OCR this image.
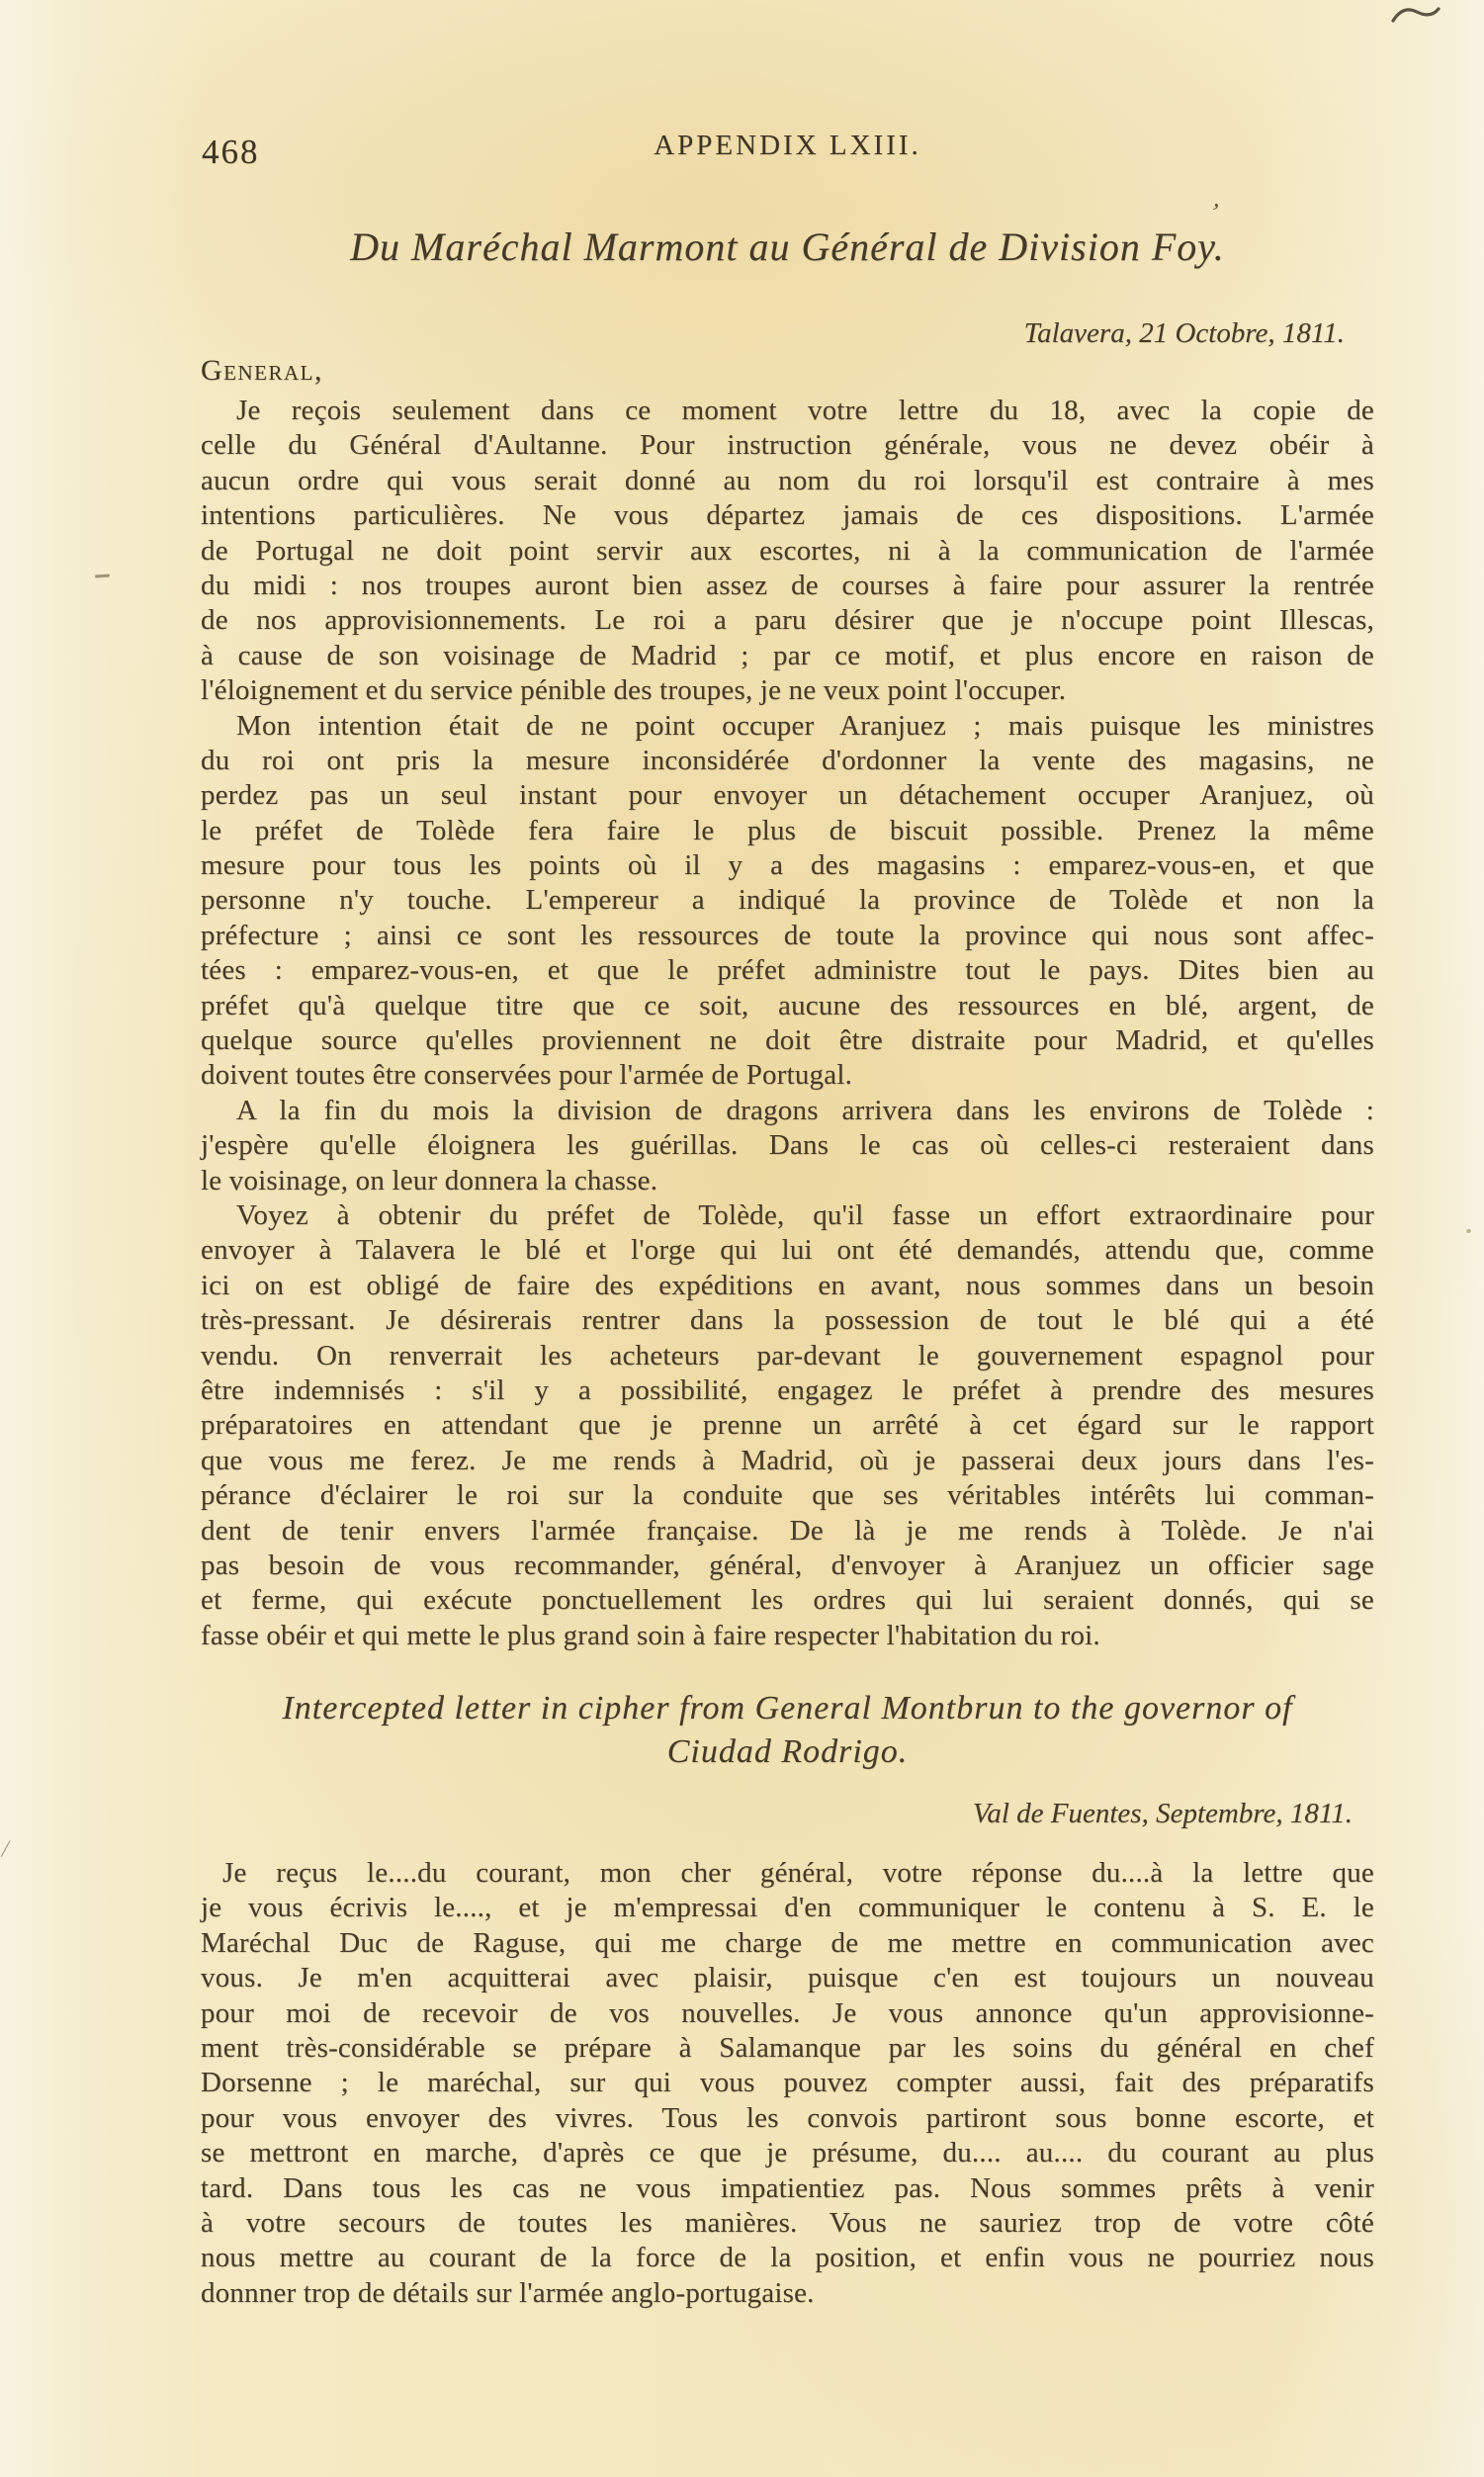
468	APPENDIX LXIII.
Du Maréchal Marmont au Général de Division Foy.
Talavera, 21 Octobre, 1811.
General,
Je reçois seulement dans ce moment votre lettre du 18, avec la copie de
celle du Général d'Aultanne. Pour instruction générale, vous ne devez obéir à
aucun ordre qui vous serait donné au nom du roi lorsqu'il est contraire à mes
intentions particulières. Ne vous départez jamais de ces dispositions. L'armée
de Portugal ne doit point servir aux escortes, ni à la communication de l'armée
du midi : nos troupes auront bien assez de courses à faire pour assurer la rentrée
de nos approvisionnements. Le roi a paru désirer que je n'occupe point Illescas,
à cause de son voisinage de Madrid ; par ce motif, et plus encore en raison de
l'éloignement et du service pénible des troupes, je ne veux point l'occuper.
Mon intention était de ne point occuper Aranjuez ; mais puisque les ministres
du roi ont pris la mesure inconsidérée d'ordonner la vente des magasins, ne
perdez pas un seul instant pour envoyer un détachement occuper Aranjuez, où
le préfet de Tolède fera faire le plus de biscuit possible. Prenez la même
mesure pour tous les points où il y a des magasins : emparez-vous-en, et que
personne n'y touche. L'empereur a indiqué la province de Tolède et non la
préfecture ; ainsi ce sont les ressources de toute la province qui nous sont affec-
tées : emparez-vous-en, et que le préfet administre tout le pays. Dites bien au
préfet qu'à quelque titre que ce soit, aucune des ressources en blé, argent, de
quelque source qu'elles proviennent ne doit être distraite pour Madrid, et qu'elles
doivent toutes être conservées pour l'armée de Portugal.
A la fin du mois la division de dragons arrivera dans les environs de Tolède :
j'espère qu'elle éloignera les guérillas. Dans le cas où celles-ci resteraient dans
le voisinage, on leur donnera la chasse.
Voyez à obtenir du préfet de Tolède, qu'il fasse un effort extraordinaire pour
envoyer à Talavera le blé et l'orge qui lui ont été demandés, attendu que, comme
ici on est obligé de faire des expéditions en avant, nous sommes dans un besoin
très-pressant. Je désirerais rentrer dans la possession de tout le blé qui a été
vendu. On renverrait les acheteurs par-devant le gouvernement espagnol pour
être indemnisés : s'il y a possibilité, engagez le préfet à prendre des mesures
préparatoires en attendant que je prenne un arrêté à cet égard sur le rapport
que vous me ferez. Je me rends à Madrid, où je passerai deux jours dans l'es-
pérance d'éclairer le roi sur la conduite que ses véritables intérêts lui comman-
dent de tenir envers l'armée française. De là je me rends à Tolède. Je n'ai
pas besoin de vous recommander, général, d'envoyer à Aranjuez un officier sage
et ferme, qui exécute ponctuellement les ordres qui lui seraient donnés, qui se
fasse obéir et qui mette le plus grand soin à faire respecter l'habitation du roi.
Intercepted letter in cipher from General Montbrun to the governor of
Ciudad Rodrigo.
Val de Fuentes, Septembre, 1811.
Je reçus le....du courant, mon cher général, votre réponse du....à la lettre que
je vous écrivis le...., et je m'empressai d'en communiquer le contenu à S. E. le
Maréchal Duc de Raguse, qui me charge de me mettre en communication avec
vous. Je m'en acquitterai avec plaisir, puisque c'en est toujours un nouveau
pour moi de recevoir de vos nouvelles. Je vous annonce qu'un approvisionne-
ment très-considérable se prépare à Salamanque par les soins du général en chef
Dorsenne ; le maréchal, sur qui vous pouvez compter aussi, fait des préparatifs
pour vous envoyer des vivres. Tous les convois partiront sous bonne escorte, et
se mettront en marche, d'après ce que je présume, du.... au.... du courant au plus
tard. Dans tous les cas ne vous impatientiez pas. Nous sommes prêts à venir
à votre secours de toutes les manières. Vous ne sauriez trop de votre côté
nous mettre au courant de la force de la position, et enfin vous ne pourriez nous
donnner trop de détails sur l'armée anglo-portugaise.
’
/
